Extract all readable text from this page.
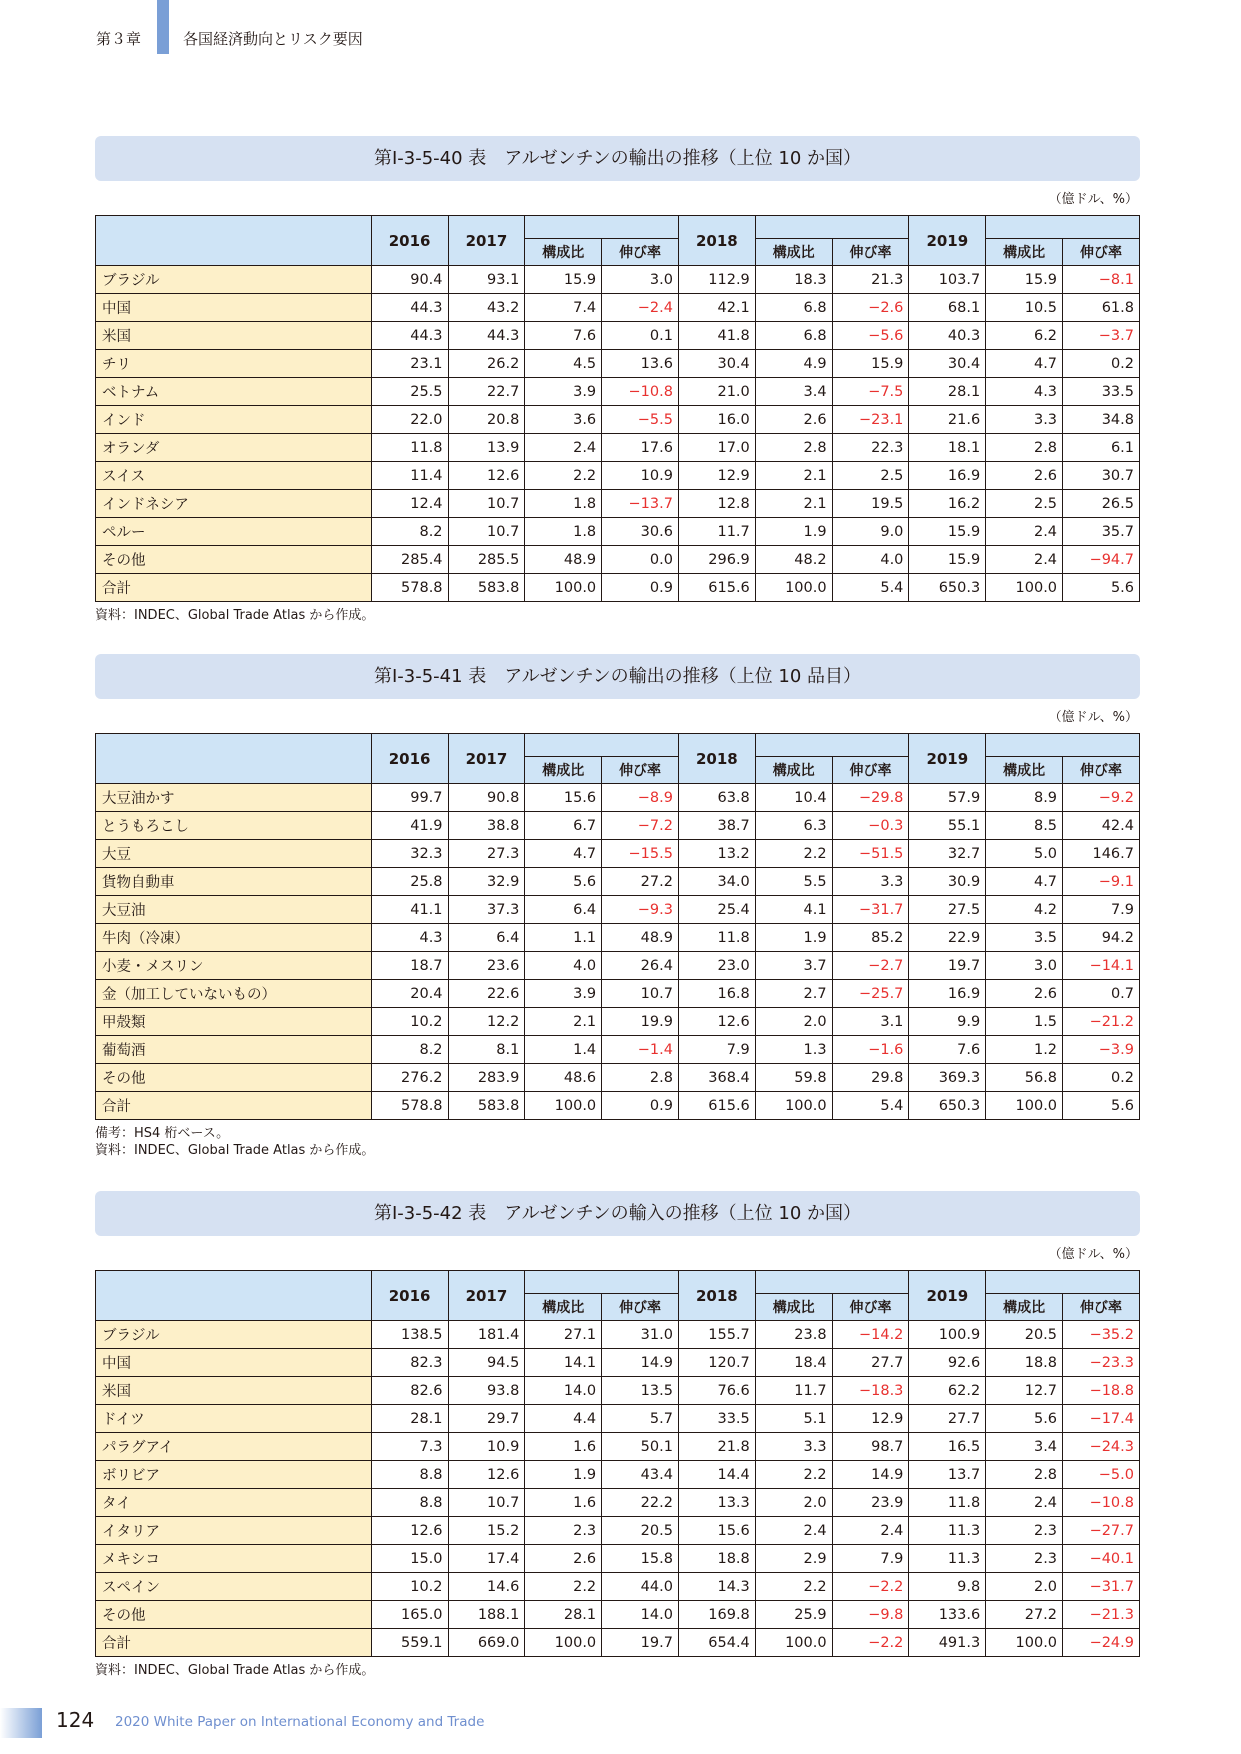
第３章	各国経済動向とリスク要因
第Ⅰ-3-5-40 表　アルゼンチンの輸出の推移（上位 10 か国）
（億ドル、%）
	2016	2017			2018			2019		
			構成比	伸び率		構成比	伸び率		構成比	伸び率
ブラジル	90.4	93.1	15.9	3.0	112.9	18.3	21.3	103.7	15.9	−8.1
中国	44.3	43.2	7.4	−2.4	42.1	6.8	−2.6	68.1	10.5	61.8
米国	44.3	44.3	7.6	0.1	41.8	6.8	−5.6	40.3	6.2	−3.7
チリ	23.1	26.2	4.5	13.6	30.4	4.9	15.9	30.4	4.7	0.2
ベトナム	25.5	22.7	3.9	−10.8	21.0	3.4	−7.5	28.1	4.3	33.5
インド	22.0	20.8	3.6	−5.5	16.0	2.6	−23.1	21.6	3.3	34.8
オランダ	11.8	13.9	2.4	17.6	17.0	2.8	22.3	18.1	2.8	6.1
スイス	11.4	12.6	2.2	10.9	12.9	2.1	2.5	16.9	2.6	30.7
インドネシア	12.4	10.7	1.8	−13.7	12.8	2.1	19.5	16.2	2.5	26.5
ペルー	8.2	10.7	1.8	30.6	11.7	1.9	9.0	15.9	2.4	35.7
その他	285.4	285.5	48.9	0.0	296.9	48.2	4.0	15.9	2.4	−94.7
合計	578.8	583.8	100.0	0.9	615.6	100.0	5.4	650.3	100.0	5.6
資料：INDEC、Global Trade Atlas から作成。
第Ⅰ-3-5-41 表　アルゼンチンの輸出の推移（上位 10 品目）
（億ドル、%）
	2016	2017			2018			2019		
			構成比	伸び率		構成比	伸び率		構成比	伸び率
大豆油かす	99.7	90.8	15.6	−8.9	63.8	10.4	−29.8	57.9	8.9	−9.2
とうもろこし	41.9	38.8	6.7	−7.2	38.7	6.3	−0.3	55.1	8.5	42.4
大豆	32.3	27.3	4.7	−15.5	13.2	2.2	−51.5	32.7	5.0	146.7
貨物自動車	25.8	32.9	5.6	27.2	34.0	5.5	3.3	30.9	4.7	−9.1
大豆油	41.1	37.3	6.4	−9.3	25.4	4.1	−31.7	27.5	4.2	7.9
牛肉（冷凍）	4.3	6.4	1.1	48.9	11.8	1.9	85.2	22.9	3.5	94.2
小麦・メスリン	18.7	23.6	4.0	26.4	23.0	3.7	−2.7	19.7	3.0	−14.1
金（加工していないもの）	20.4	22.6	3.9	10.7	16.8	2.7	−25.7	16.9	2.6	0.7
甲殻類	10.2	12.2	2.1	19.9	12.6	2.0	3.1	9.9	1.5	−21.2
葡萄酒	8.2	8.1	1.4	−1.4	7.9	1.3	−1.6	7.6	1.2	−3.9
その他	276.2	283.9	48.6	2.8	368.4	59.8	29.8	369.3	56.8	0.2
合計	578.8	583.8	100.0	0.9	615.6	100.0	5.4	650.3	100.0	5.6
備考：HS4 桁ベース。
資料：INDEC、Global Trade Atlas から作成。
第Ⅰ-3-5-42 表　アルゼンチンの輸入の推移（上位 10 か国）
（億ドル、%）
	2016	2017			2018			2019		
			構成比	伸び率		構成比	伸び率		構成比	伸び率
ブラジル	138.5	181.4	27.1	31.0	155.7	23.8	−14.2	100.9	20.5	−35.2
中国	82.3	94.5	14.1	14.9	120.7	18.4	27.7	92.6	18.8	−23.3
米国	82.6	93.8	14.0	13.5	76.6	11.7	−18.3	62.2	12.7	−18.8
ドイツ	28.1	29.7	4.4	5.7	33.5	5.1	12.9	27.7	5.6	−17.4
パラグアイ	7.3	10.9	1.6	50.1	21.8	3.3	98.7	16.5	3.4	−24.3
ボリビア	8.8	12.6	1.9	43.4	14.4	2.2	14.9	13.7	2.8	−5.0
タイ	8.8	10.7	1.6	22.2	13.3	2.0	23.9	11.8	2.4	−10.8
イタリア	12.6	15.2	2.3	20.5	15.6	2.4	2.4	11.3	2.3	−27.7
メキシコ	15.0	17.4	2.6	15.8	18.8	2.9	7.9	11.3	2.3	−40.1
スペイン	10.2	14.6	2.2	44.0	14.3	2.2	−2.2	9.8	2.0	−31.7
その他	165.0	188.1	28.1	14.0	169.8	25.9	−9.8	133.6	27.2	−21.3
合計	559.1	669.0	100.0	19.7	654.4	100.0	−2.2	491.3	100.0	−24.9
資料：INDEC、Global Trade Atlas から作成。
124 2020 White Paper on International Economy and Trade
